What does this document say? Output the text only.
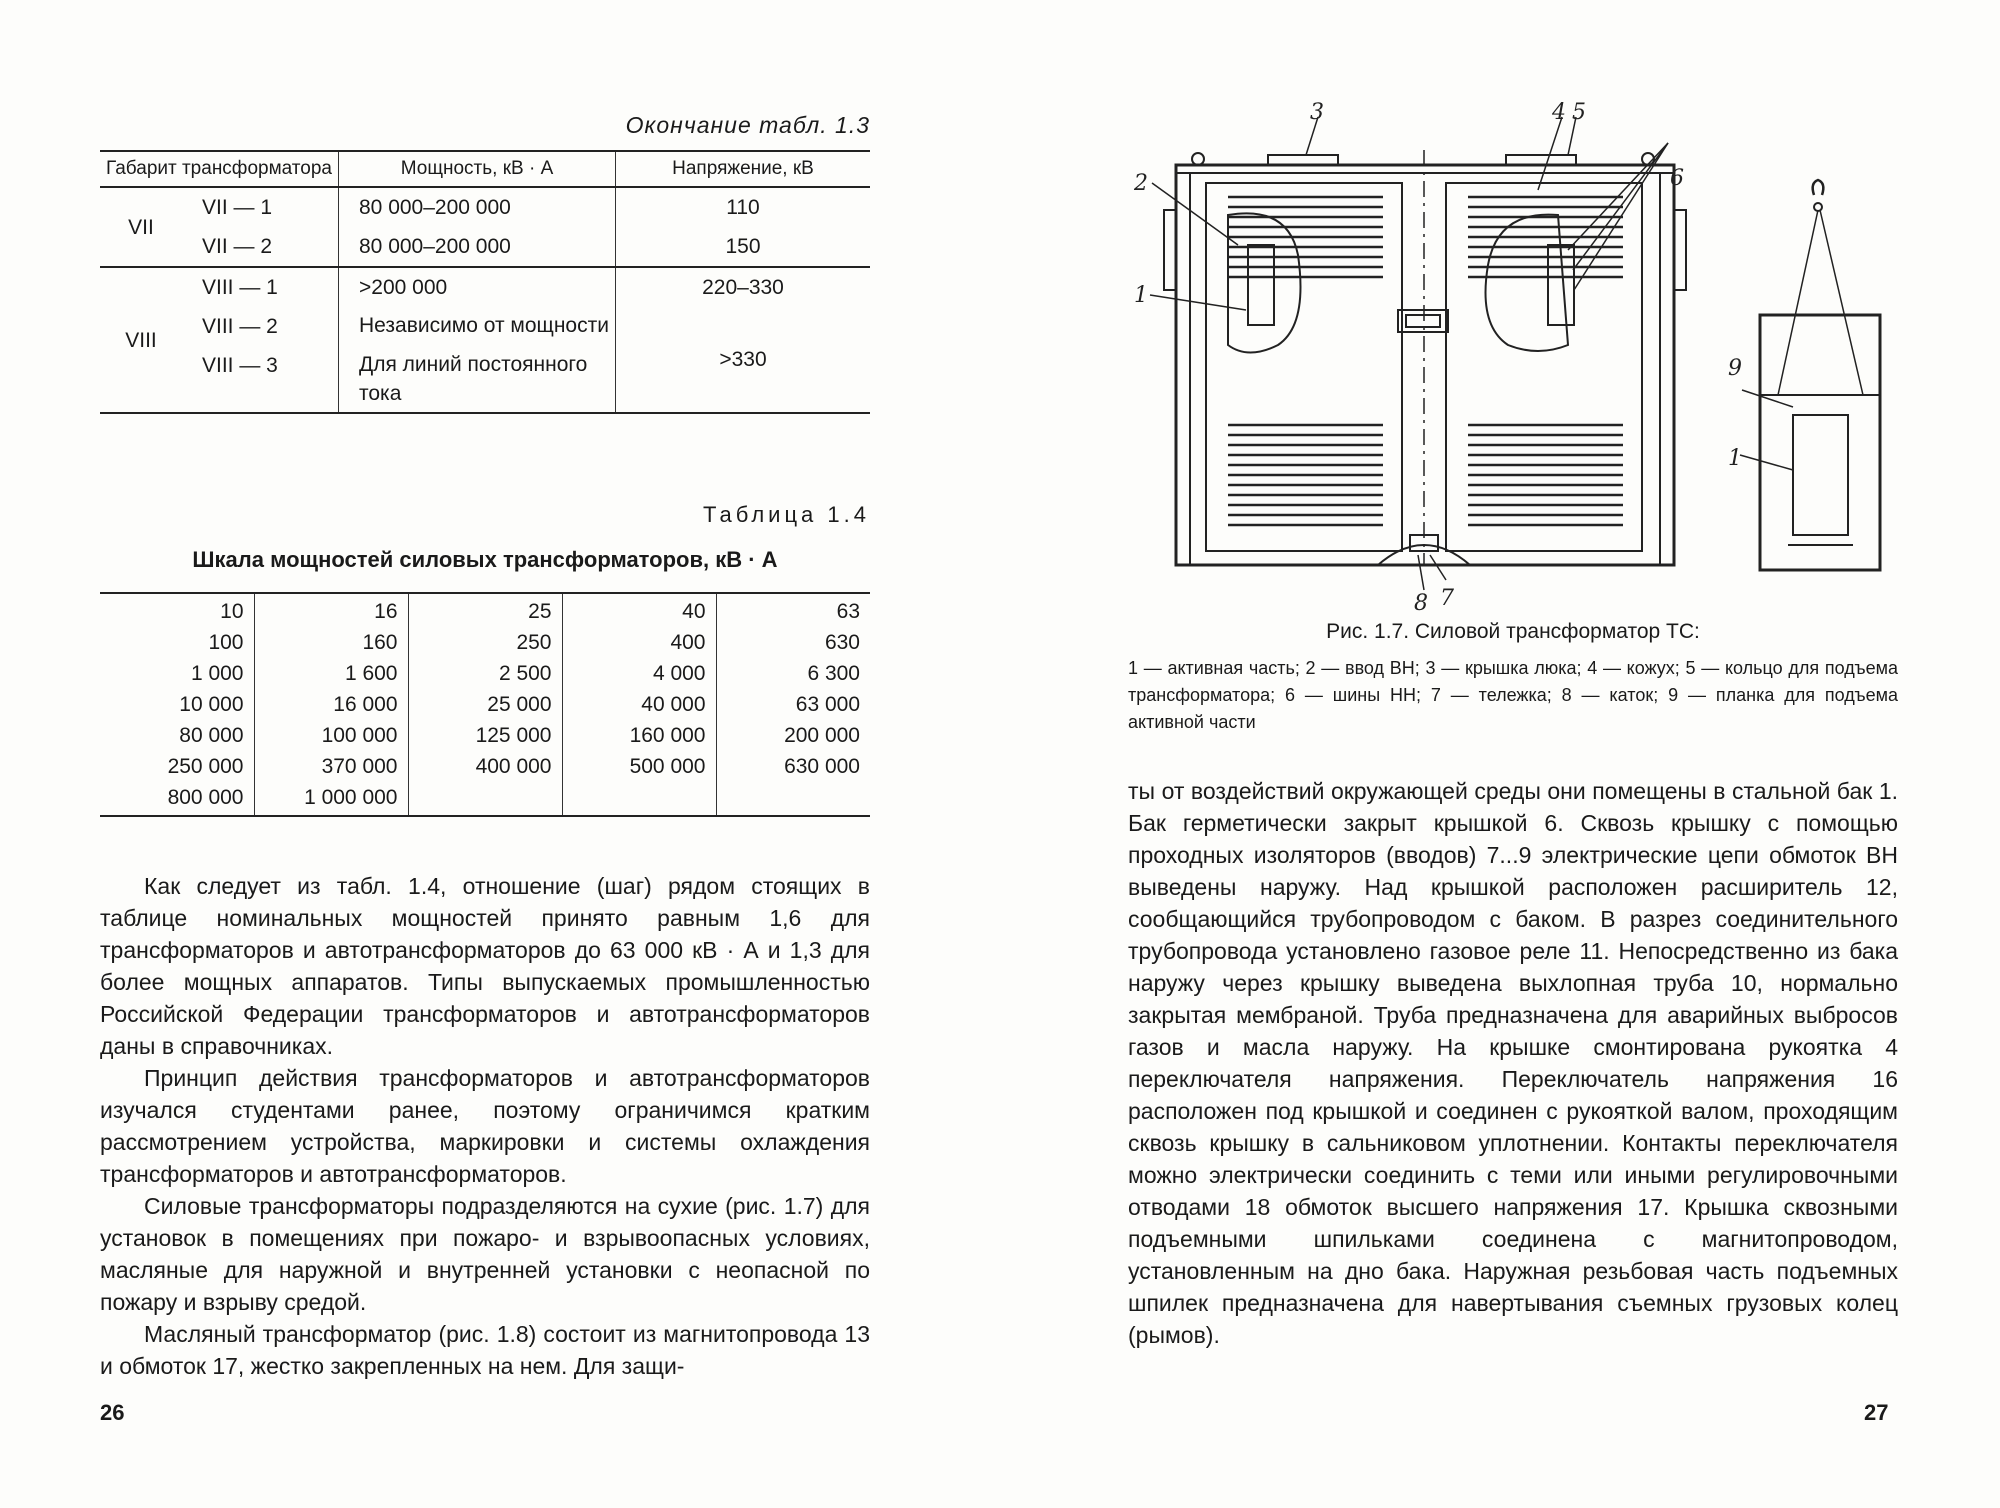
Окончание табл. 1.3
Габарит трансформатора		Мощность, кВ · А	Напряжение, кВ
VII	VII — 1	80 000–200 000	110
	VII — 2	80 000–200 000	150
VIII	VIII — 1	>200 000	220–330
	VIII — 2	Независимо от мощности	>330
	VIII — 3	Для линий постоянного тока	
Таблица 1.4
Шкала мощностей силовых трансформаторов, кВ · А
10	16	25	40	63
100	160	250	400	630
1 000	1 600	2 500	4 000	6 300
10 000	16 000	25 000	40 000	63 000
80 000	100 000	125 000	160 000	200 000
250 000	370 000	400 000	500 000	630 000
800 000	1 000 000			

Как следует из табл. 1.4, отношение (шаг) рядом стоящих в таблице номинальных мощностей принято равным 1,6 для трансформаторов и автотрансформаторов до 63 000 кВ · А и 1,3 для более мощных аппаратов. Типы выпускаемых промышленностью Российской Федерации трансформаторов и автотрансформаторов даны в справочниках.

Принцип действия трансформаторов и автотрансформаторов изучался студентами ранее, поэтому ограничимся кратким рассмотрением устройства, маркировки и системы охлаждения трансформаторов и автотрансформаторов.

Силовые трансформаторы подразделяются на сухие (рис. 1.7) для установок в помещениях при пожаро- и взрывоопасных условиях, масляные для наружной и внутренней установки с неопасной по пожару и взрыву средой.

Масляный трансформатор (рис. 1.8) состоит из магнитопровода 13 и обмоток 17, жестко закрепленных на нем. Для защи-

26
1
2
3	4 5
6
7
8
9
1
Рис. 1.7. Силовой трансформатор ТС:
1 — активная часть; 2 — ввод ВН; 3 — крышка люка; 4 — кожух; 5 — кольцо для подъема трансформатора; 6 — шины НН; 7 — тележка; 8 — каток; 9 — планка для подъема активной части

ты от воздействий окружающей среды они помещены в стальной бак 1. Бак герметически закрыт крышкой 6. Сквозь крышку с помощью проходных изоляторов (вводов) 7...9 электрические цепи обмоток ВН выведены наружу. Над крышкой расположен расширитель 12, сообщающийся трубопроводом с баком. В разрез соединительного трубопровода установлено газовое реле 11. Непосредственно из бака наружу через крышку выведена выхлопная труба 10, нормально закрытая мембраной. Труба предназначена для аварийных выбросов газов и масла наружу. На крышке смонтирована рукоятка 4 переключателя напряжения. Переключатель напряжения 16 расположен под крышкой и соединен с рукояткой валом, проходящим сквозь крышку в сальниковом уплотнении. Контакты переключателя можно электрически соединить с теми или иными регулировочными отводами 18 обмоток высшего напряжения 17. Крышка сквозными подъемными шпильками соединена с магнитопроводом, установленным на дно бака. Наружная резьбовая часть подъемных шпилек предназначена для навертывания съемных грузовых колец (рымов).

27
